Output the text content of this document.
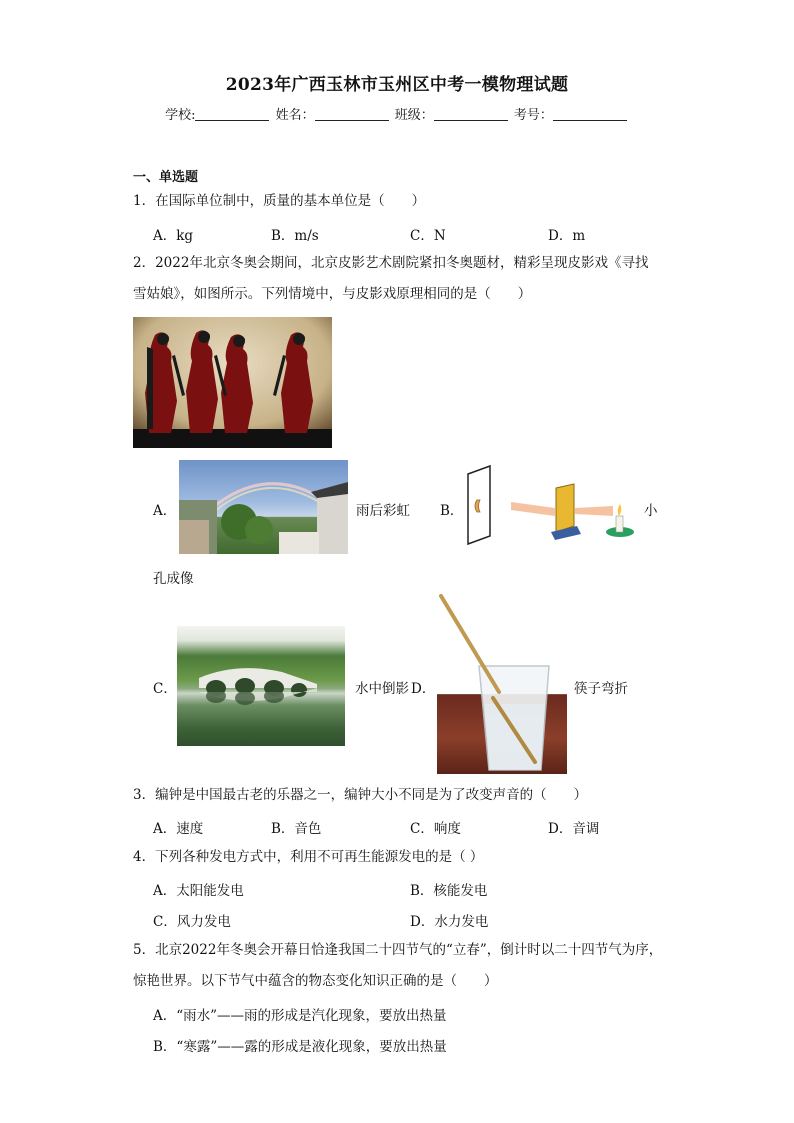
2023年广西玉林市玉州区中考一模物理试题
学校:	姓名：	班级：	考号：
一、单选题
1．在国际单位制中，质量的基本单位是（　　）
A．kg	B．m/s	C．N	D．m
2．2022年北京冬奥会期间，北京皮影艺术剧院紧扣冬奥题材，精彩呈现皮影戏《寻找
雪姑娘》，如图所示。下列情境中，与皮影戏原理相同的是（　　）
A．	雨后彩虹 B．	小
孔成像
C．	水中倒影 D．	筷子弯折
3．编钟是中国最古老的乐器之一，编钟大小不同是为了改变声音的（　　）
A．速度	B．音色	C．响度	D．音调
4．下列各种发电方式中，利用不可再生能源发电的是（ ）
A．太阳能发电	B．核能发电
C．风力发电	D．水力发电
5．北京2022年冬奥会开幕日恰逢我国二十四节气的“立春”，倒计时以二十四节气为序，
惊艳世界。以下节气中蕴含的物态变化知识正确的是（　　）
A．“雨水”——雨的形成是汽化现象，要放出热量
B．“寒露”——露的形成是液化现象，要放出热量
